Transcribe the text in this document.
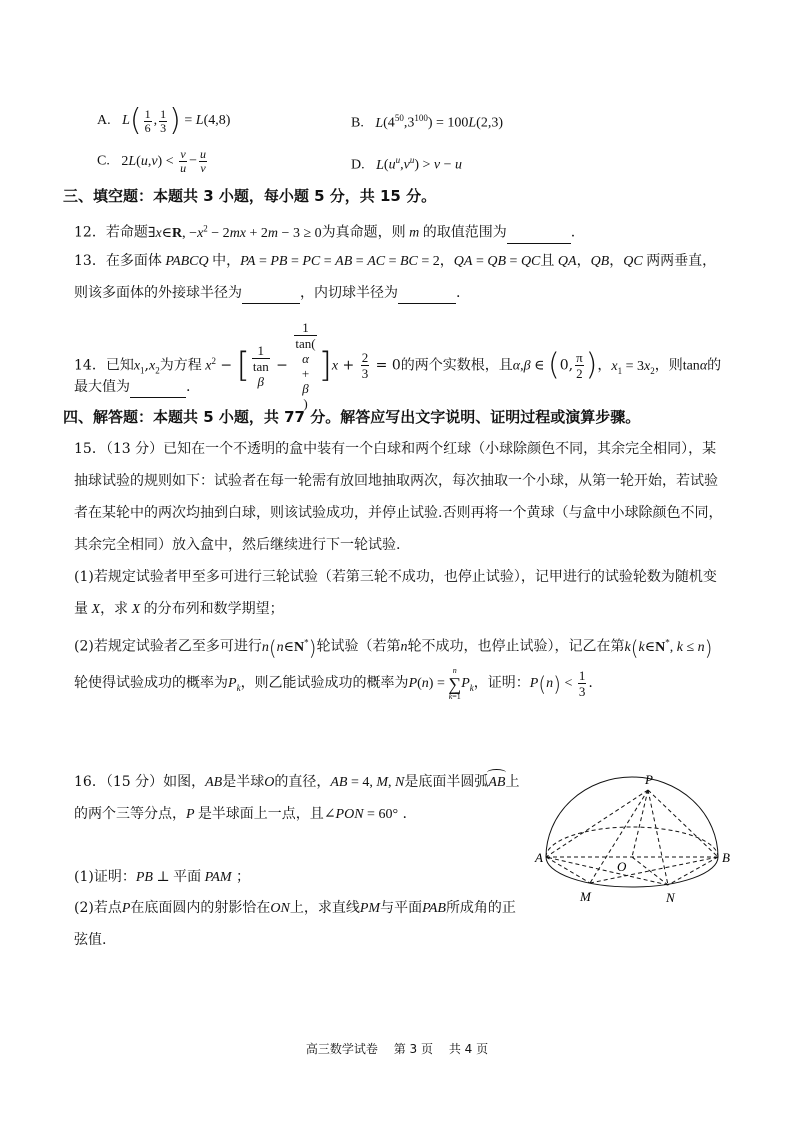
A. $L( \frac{1}{6}$ , $\frac{1}{3}$ ) = L(4,8)	B. $L(4^{50},3^{100}) = 100L(2,3)$
C. $2L(u,v) < \frac{v}{u} - \frac{u}{v}$	D. $L(u^u,v^u) > v - u$
三、填空题：本题共 3 小题，每小题 5 分，共 15 分。
12．若命题∃x∈R, $-x^2 - 2mx + 2m - 3 \ge 0$为真命题，则 m 的取值范围为	.
13．在多面体 PABCQ 中，PA = PB = PC = AB = AC = BC = 2，QA = QB = QC且 QA，QB，QC 两两垂直，
则该多面体的外接球半径为	，内切球半径为	.
14．已知$x_1,x_2$为方程 $x^2$ − [ 1
tan
β − 1
tan(
α
+
β
) ]$x + \frac{2}{3} = 0$的两个实数根，且α,β ∈ (0, $\frac{\pi}{2}$ )，$x_1 = 3x_2$，则tanα的
最大值为	.
四、解答题：本题共 5 小题，共 77 分。解答应写出文字说明、证明过程或演算步骤。
15．（13 分）已知在一个不透明的盒中装有一个白球和两个红球（小球除颜色不同，其余完全相同），某
抽球试验的规则如下：试验者在每一轮需有放回地抽取两次，每次抽取一个小球，从第一轮开始，若试验
者在某轮中的两次均抽到白球，则该试验成功，并停止试验.否则再将一个黄球（与盒中小球除颜色不同，
其余完全相同）放入盒中，然后继续进行下一轮试验.
(1)若规定试验者甲至多可进行三轮试验（若第三轮不成功，也停止试验），记甲进行的试验轮数为随机变
量 X，求 X 的分布列和数学期望；
(2)若规定试验者乙至多可进行n(n∈N*)轮试验（若第n轮不成功，也停止试验），记乙在第k(k∈N*, k ≤ n)
轮使得试验成功的概率为$P_k$，则乙能试验成功的概率为P(n) =
n
∑
k=1
$P_k$，证明：$P(n) < \frac{1}{3}$ .
16．（15 分）如图，AB是半球O的直径，AB = 4, M, N是底面半圆弧AB
上
的两个三等分点，P 是半球面上一点，且∠PON = 60° .
(1)证明：PB ⊥ 平面 PAM ；
(2)若点P在底面圆内的射影恰在ON上，求直线PM与平面PAB所成角的正
弦值.
P
A	B
O
M	N
高三数学试卷 第 3 页 共 4 页
